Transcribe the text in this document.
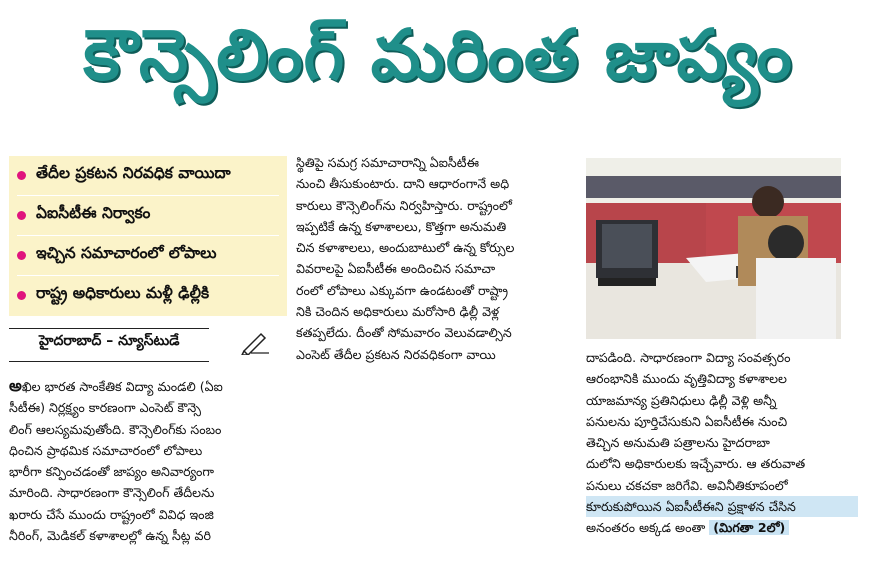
కౌన్సెలింగ్ మరింత జాప్యం
తేదీల ప్రకటన నిరవధిక వాయిదా
ఏఐసీటీఈ నిర్వాకం
ఇచ్చిన సమాచారంలో లోపాలు
రాష్ట్ర అధికారులు మళ్లీ ఢిల్లీకి
హైదరాబాద్ – న్యూస్‌టుడే
అఖిల భారత సాంకేతిక విద్యా మండలి (ఏఐ
సీటీఈ) నిర్లక్ష్యం కారణంగా ఎంసెట్ కౌన్సె
లింగ్ ఆలస్యమవుతోంది. కౌన్సెలింగ్‌కు సంబం
ధించిన ప్రాథమిక సమాచారంలో లోపాలు
భారీగా కన్పించడంతో జాప్యం అనివార్యంగా
మారింది. సాధారణంగా కౌన్సెలింగ్ తేదీలను
ఖరారు చేసే ముందు రాష్ట్రంలో వివిధ ఇంజి
నీరింగ్, మెడికల్ కళాశాలల్లో ఉన్న సీట్ల వరి
స్థితిపై సమగ్ర సమాచారాన్ని ఏఐసీటీఈ
నుంచి తీసుకుంటారు. దాని ఆధారంగానే అధి
కారులు కౌన్సెలింగ్‌ను నిర్వహిస్తారు. రాష్ట్రంలో
ఇప్పటికే ఉన్న కళాశాలలు, కొత్తగా అనుమతి
చిన కళాశాలలు, అందుబాటులో ఉన్న కోర్సుల
వివరాలపై ఏఐసీటీఈ అందించిన సమాచా
రంలో లోపాలు ఎక్కువగా ఉండటంతో రాష్ట్రా
నికి చెందిన అధికారులు మరోసారి ఢిల్లీ వెళ్ల
కతప్పలేదు. దీంతో సోమవారం వెలువడాల్సిన
ఎంసెట్ తేదీల ప్రకటన నిరవధికంగా వాయి	దాపడింది. సాధారణంగా విద్యా సంవత్సరం
ఆరంభానికి ముందు వృత్తివిద్యా కళాశాలల
యాజమాన్య ప్రతినిధులు ఢిల్లీ వెళ్లి అన్నీ
పనులను పూర్తిచేసుకుని ఏఐసీటీఈ నుంచి
తెచ్చిన అనుమతి పత్రాలను హైదరాబా
దులోని అధికారులకు ఇచ్చేవారు. ఆ తరువాత
పనులు చకచకా జరిగేవి. అవినీతికూపంలో
కూరుకుపోయిన ఏఐసీటీఈని ప్రక్షాళన చేసిన
అనంతరం అక్కడ అంతా (మిగతా 2లో)
